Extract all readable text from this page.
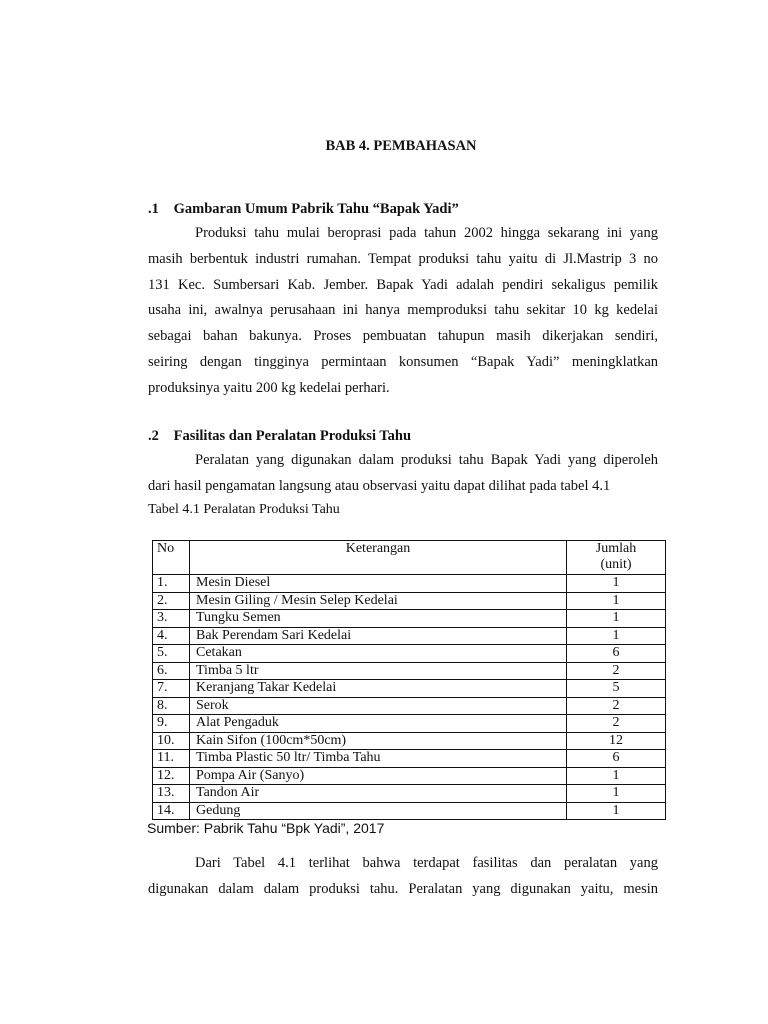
BAB 4. PEMBAHASAN
.1 Gambaran Umum Pabrik Tahu “Bapak Yadi”
Produksi tahu mulai beroprasi pada tahun 2002 hingga sekarang ini yang
masih berbentuk industri rumahan. Tempat produksi tahu yaitu di Jl.Mastrip 3 no
131 Kec. Sumbersari Kab. Jember. Bapak Yadi adalah pendiri sekaligus pemilik
usaha ini, awalnya perusahaan ini hanya memproduksi tahu sekitar 10 kg kedelai
sebagai bahan bakunya. Proses pembuatan tahupun masih dikerjakan sendiri,
seiring dengan tingginya permintaan konsumen “Bapak Yadi” meningklatkan
produksinya yaitu 200 kg kedelai perhari.
.2 Fasilitas dan Peralatan Produksi Tahu
Peralatan yang digunakan dalam produksi tahu Bapak Yadi yang diperoleh
dari hasil pengamatan langsung atau observasi yaitu dapat dilihat pada tabel 4.1
Tabel 4.1 Peralatan Produksi Tahu
No	Keterangan	Jumlah
(unit)

1.	Mesin Diesel	1
2.	Mesin Giling / Mesin Selep Kedelai	1
3.	Tungku Semen	1
4.	Bak Perendam Sari Kedelai	1
5.	Cetakan	6
6.	Timba 5 ltr	2
7.	Keranjang Takar Kedelai	5
8.	Serok	2
9.	Alat Pengaduk	2
10.	Kain Sifon (100cm*50cm)	12
11.	Timba Plastic 50 ltr/ Timba Tahu	6
12.	Pompa Air (Sanyo)	1
13.	Tandon Air	1
14.	Gedung	1
Sumber: Pabrik Tahu “Bpk Yadi”, 2017
Dari Tabel 4.1 terlihat bahwa terdapat fasilitas dan peralatan yang
digunakan dalam dalam produksi tahu. Peralatan yang digunakan yaitu, mesin
